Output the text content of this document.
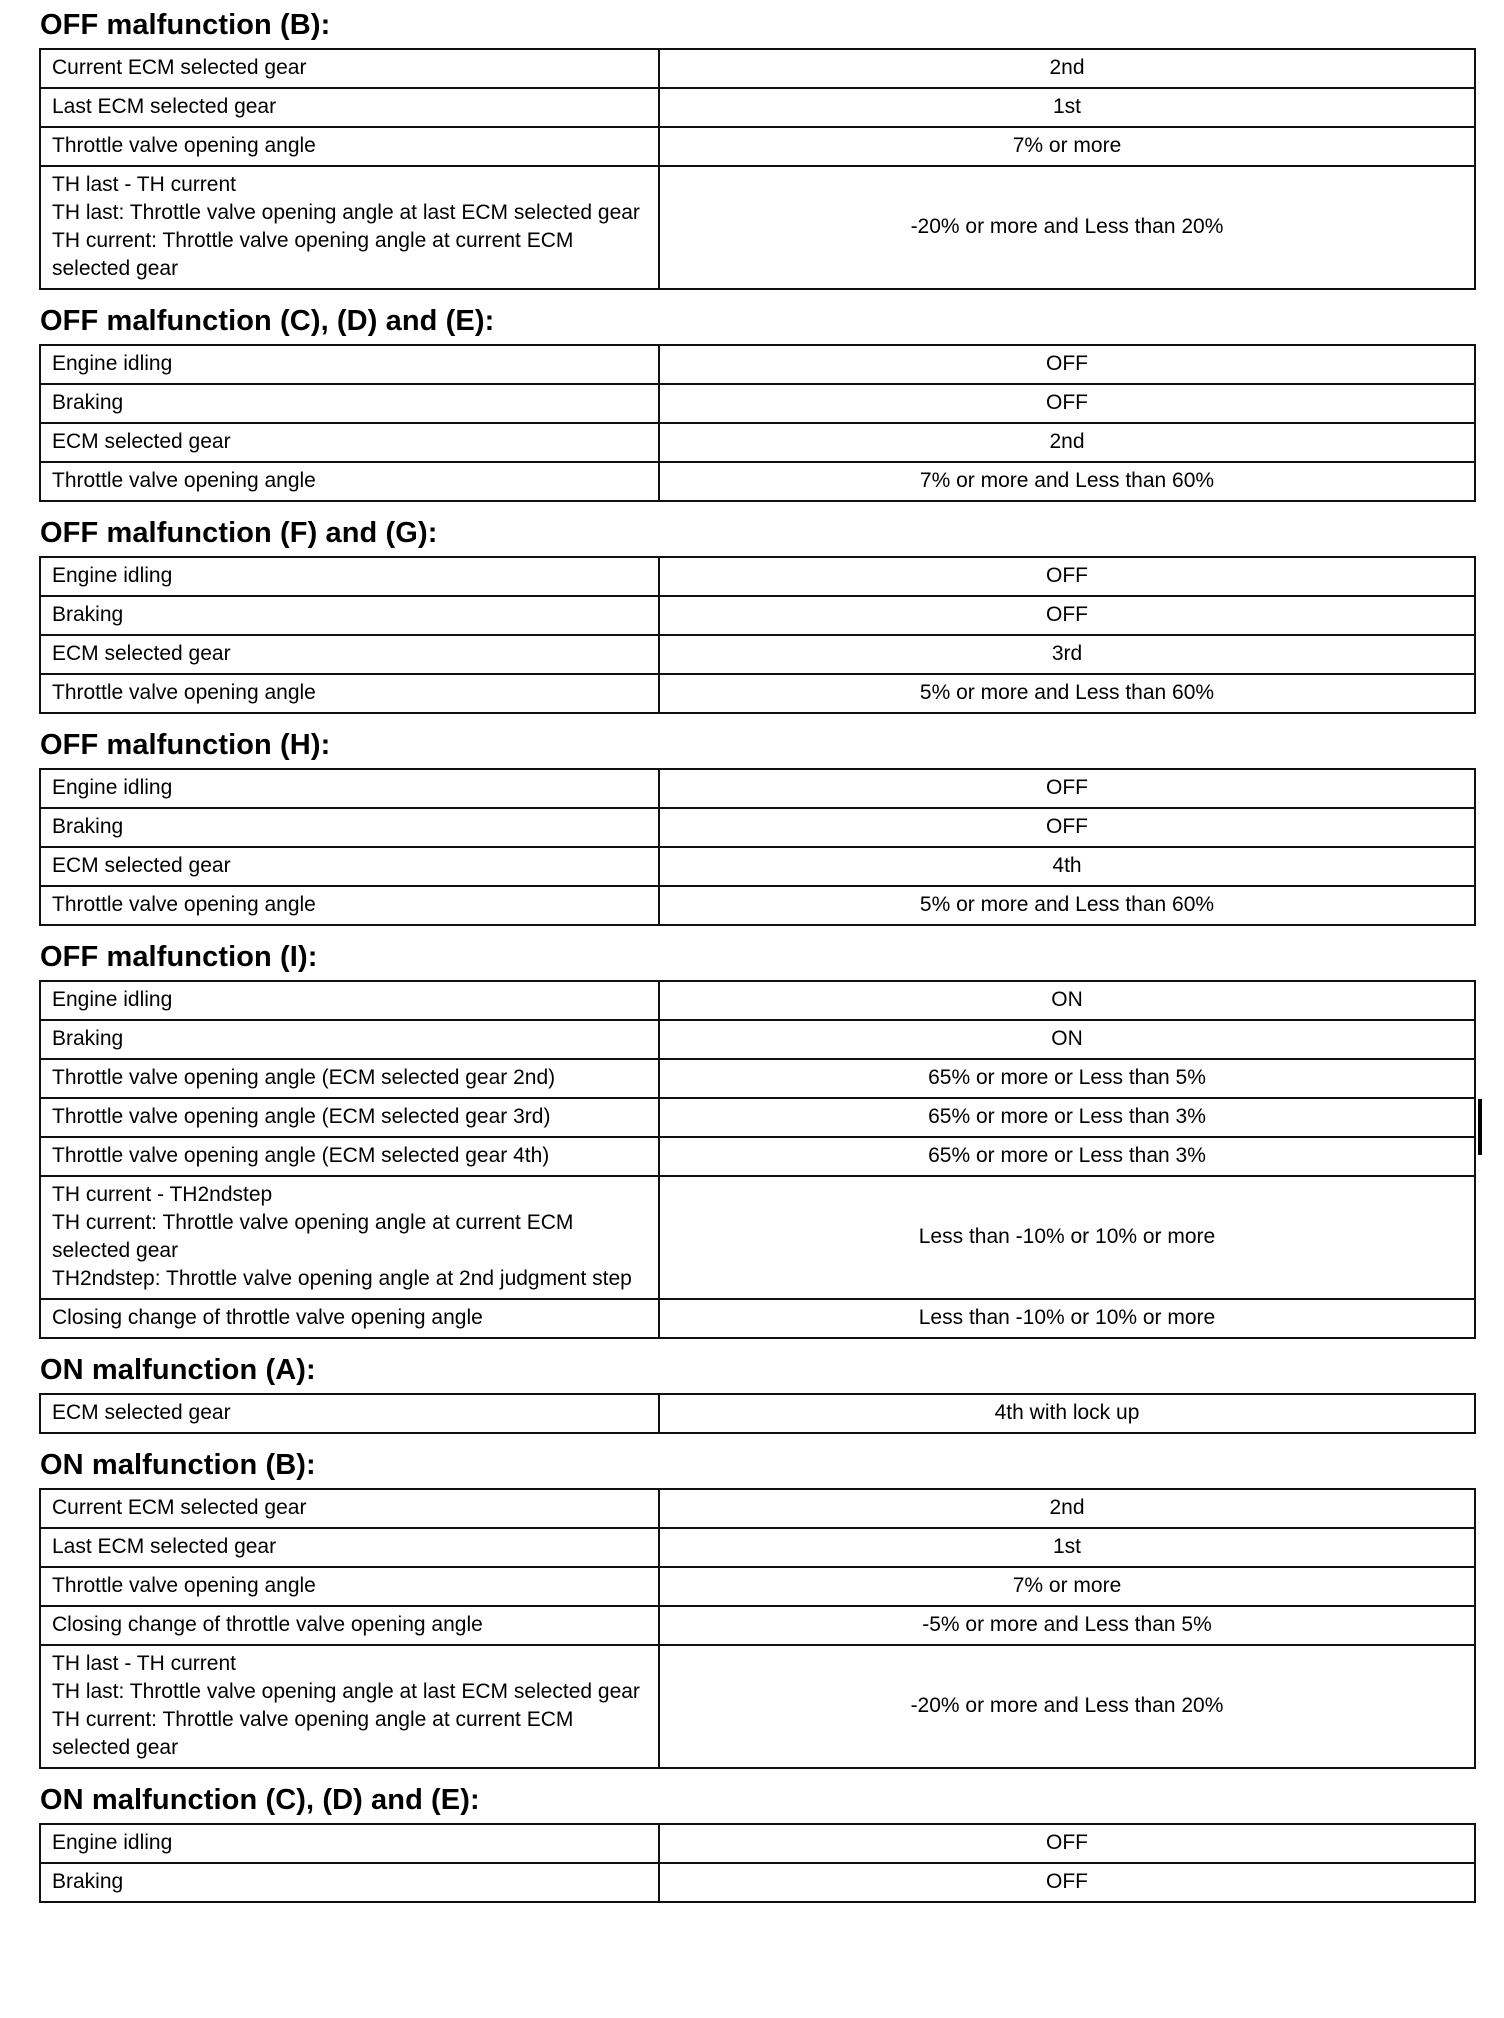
OFF malfunction (B):
Current ECM selected gear	2nd

Last ECM selected gear	1st

Throttle valve opening angle	7% or more

TH last - TH current
TH last: Throttle valve opening angle at last ECM selected gear
TH current: Throttle valve opening angle at current ECM selected gear	-20% or more and Less than 20%
OFF malfunction (C), (D) and (E):
Engine idling	OFF

Braking	OFF

ECM selected gear	2nd

Throttle valve opening angle	7% or more and Less than 60%
OFF malfunction (F) and (G):
Engine idling	OFF

Braking	OFF

ECM selected gear	3rd

Throttle valve opening angle	5% or more and Less than 60%
OFF malfunction (H):
Engine idling	OFF

Braking	OFF

ECM selected gear	4th

Throttle valve opening angle	5% or more and Less than 60%
OFF malfunction (I):
Engine idling	ON

Braking	ON

Throttle valve opening angle (ECM selected gear 2nd)	65% or more or Less than 5%

Throttle valve opening angle (ECM selected gear 3rd)	65% or more or Less than 3%

Throttle valve opening angle (ECM selected gear 4th)	65% or more or Less than 3%

TH current - TH2ndstep
TH current: Throttle valve opening angle at current ECM selected gear
TH2ndstep: Throttle valve opening angle at 2nd judgment step	Less than -10% or 10% or more

Closing change of throttle valve opening angle	Less than -10% or 10% or more
ON malfunction (A):
ECM selected gear	4th with lock up
ON malfunction (B):
Current ECM selected gear	2nd

Last ECM selected gear	1st

Throttle valve opening angle	7% or more

Closing change of throttle valve opening angle	-5% or more and Less than 5%

TH last - TH current
TH last: Throttle valve opening angle at last ECM selected gear
TH current: Throttle valve opening angle at current ECM selected gear	-20% or more and Less than 20%
ON malfunction (C), (D) and (E):
Engine idling	OFF

Braking	OFF
